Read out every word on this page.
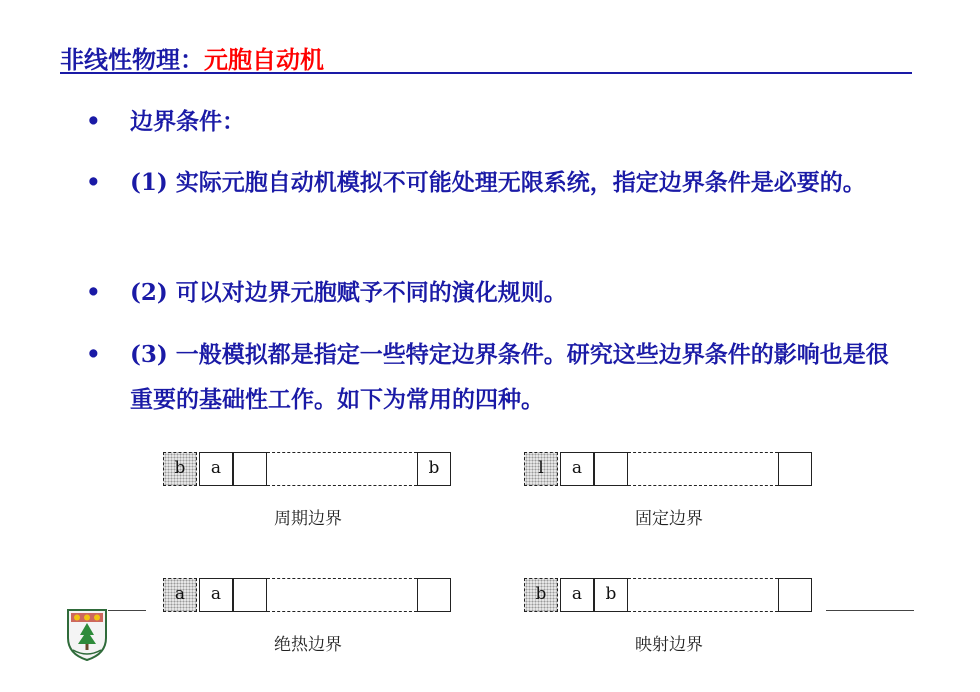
非线性物理：元胞自动机
• 边界条件：
• (1) 实际元胞自动机模拟不可能处理无限系统，指定边界条件是必要的。
• (2) 可以对边界元胞赋予不同的演化规则。
• (3) 一般模拟都是指定一些特定边界条件。研究这些边界条件的影响也是很重要的基础性工作。如下为常用的四种。
b	a	b
周期边界
l	a
固定边界
a	a
绝热边界
b	a	b
映射边界
